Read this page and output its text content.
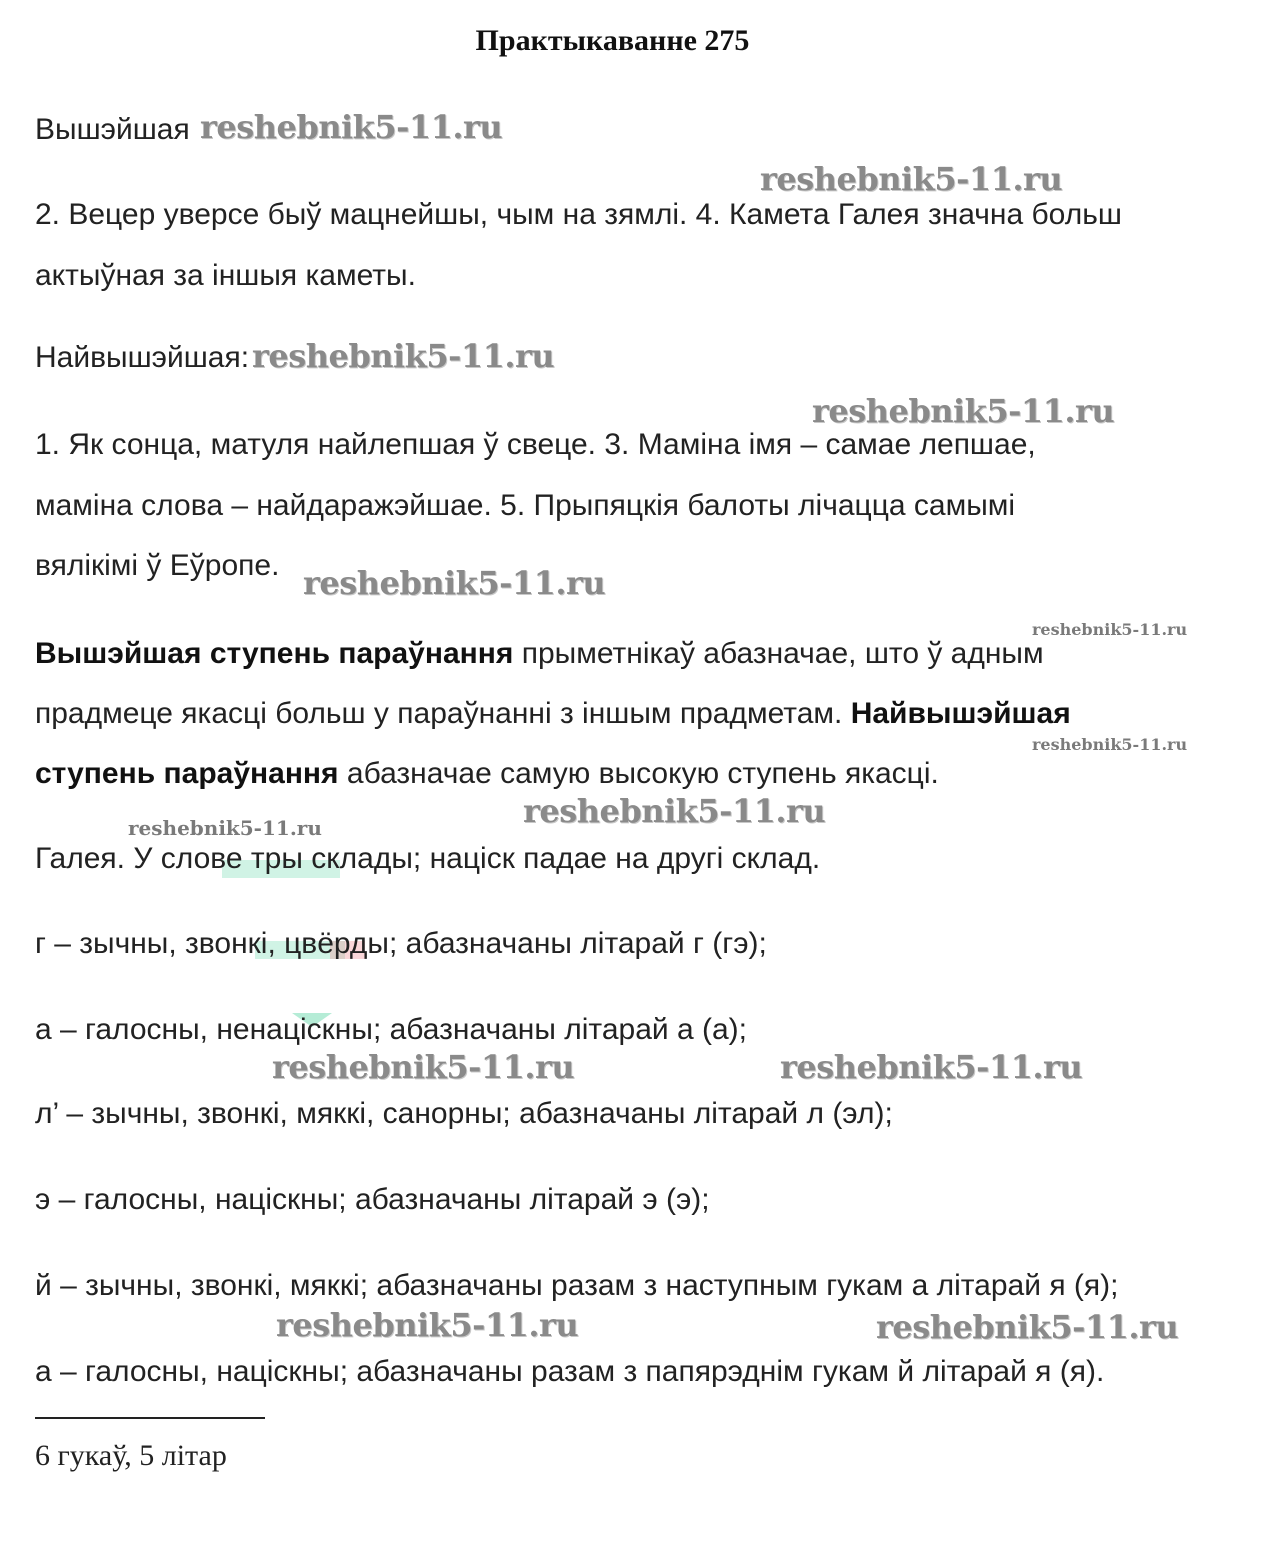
Практыкаванне 275
Вышэйшая reshebnik5-11.ru
reshebnik5-11.ru
2. Вецер уверсе быў мацнейшы, чым на зямлі. 4. Камета Галея значна больш
актыўная за іншыя каметы.
Найвышэйшая: reshebnik5-11.ru
reshebnik5-11.ru
1. Як сонца, матуля найлепшая ў свеце. 3. Маміна імя – самае лепшае,
маміна слова – найдаражэйшае. 5. Прыпяцкія балоты лічацца самымі
вялікімі ў Еўропе. reshebnik5-11.ru
reshebnik5-11.ru
Вышэйшая ступень параўнання прыметнікаў абазначае, што ў адным
прадмеце якасці больш у параўнанні з іншым прадметам. Найвышэйшая
reshebnik5-11.ru
ступень параўнання абазначае самую высокую ступень якасці.
reshebnik5-11.ru
reshebnik5-11.ru
Галея. У слове тры склады; націск падае на другі склад.
г – зычны, звонкі, цвёрды; абазначаны літарай г (гэ);
а – галосны, ненаціскны; абазначаны літарай а (а);
reshebnik5-11.ru	reshebnik5-11.ru
л’ – зычны, звонкі, мяккі, санорны; абазначаны літарай л (эл);
э – галосны, націскны; абазначаны літарай э (э);
й – зычны, звонкі, мяккі; абазначаны разам з наступным гукам а літарай я (я);
reshebnik5-11.ru	reshebnik5-11.ru
а – галосны, націскны; абазначаны разам з папярэднім гукам й літарай я (я).
6 гукаў, 5 літар
